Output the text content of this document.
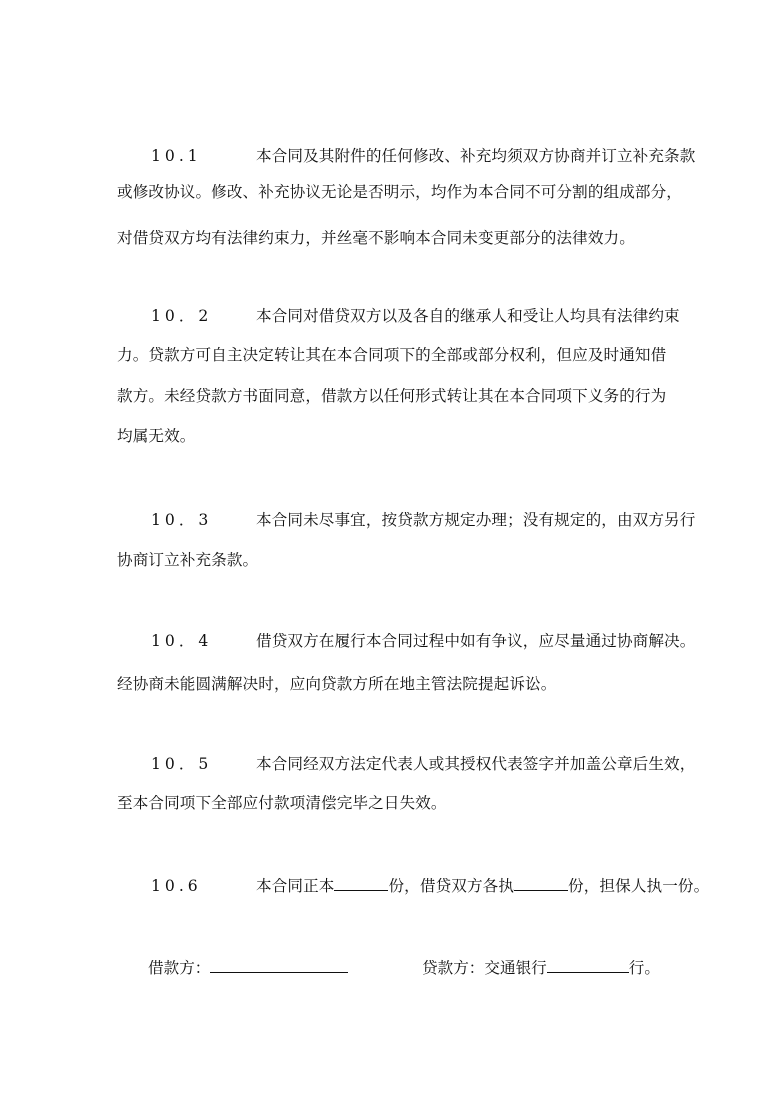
10.1	本合同及其附件的任何修改、补充均须双方协商并订立补充条款
或修改协议。修改、补充协议无论是否明示，均作为本合同不可分割的组成部分，
对借贷双方均有法律约束力，并丝毫不影响本合同未变更部分的法律效力。
10．2	本合同对借贷双方以及各自的继承人和受让人均具有法律约束
力。贷款方可自主决定转让其在本合同项下的全部或部分权利，但应及时通知借
款方。未经贷款方书面同意，借款方以任何形式转让其在本合同项下义务的行为
均属无效。
10．3	本合同未尽事宜，按贷款方规定办理；没有规定的，由双方另行
协商订立补充条款。
10．4	借贷双方在履行本合同过程中如有争议，应尽量通过协商解决。
经协商未能圆满解决时，应向贷款方所在地主管法院提起诉讼。
10．5	本合同经双方法定代表人或其授权代表签字并加盖公章后生效，
至本合同项下全部应付款项清偿完毕之日失效。
10.6	本合同正本	份，借贷双方各执	份，担保人执一份。
借款方：	贷款方：交通银行	行。
